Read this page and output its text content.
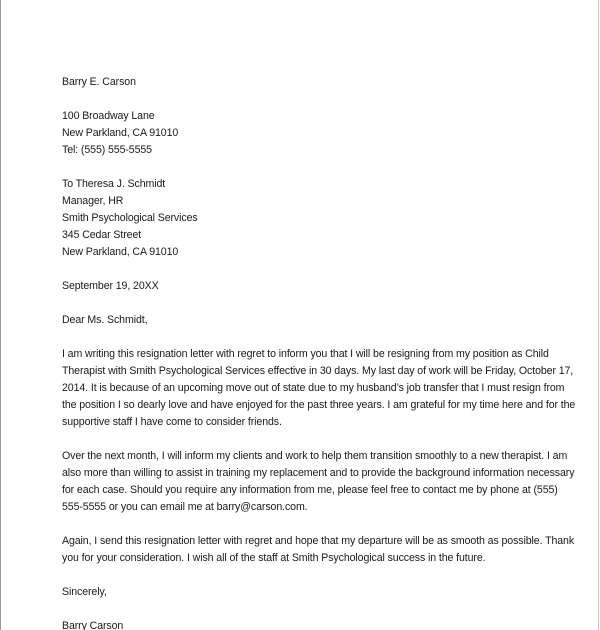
Barry E. Carson
100 Broadway Lane
New Parkland, CA 91010
Tel: (555) 555-5555
To Theresa J. Schmidt
Manager, HR
Smith Psychological Services
345 Cedar Street
New Parkland, CA 91010
September 19, 20XX
Dear Ms. Schmidt,
I am writing this resignation letter with regret to inform you that I will be resigning from my position as Child
Therapist with Smith Psychological Services effective in 30 days. My last day of work will be Friday, October 17,
2014. It is because of an upcoming move out of state due to my husband’s job transfer that I must resign from
the position I so dearly love and have enjoyed for the past three years. I am grateful for my time here and for the
supportive staff I have come to consider friends.
Over the next month, I will inform my clients and work to help them transition smoothly to a new therapist. I am
also more than willing to assist in training my replacement and to provide the background information necessary
for each case. Should you require any information from me, please feel free to contact me by phone at (555)
555-5555 or you can email me at barry@carson.com.
Again, I send this resignation letter with regret and hope that my departure will be as smooth as possible. Thank
you for your consideration. I wish all of the staff at Smith Psychological success in the future.
Sincerely,
Barry Carson
